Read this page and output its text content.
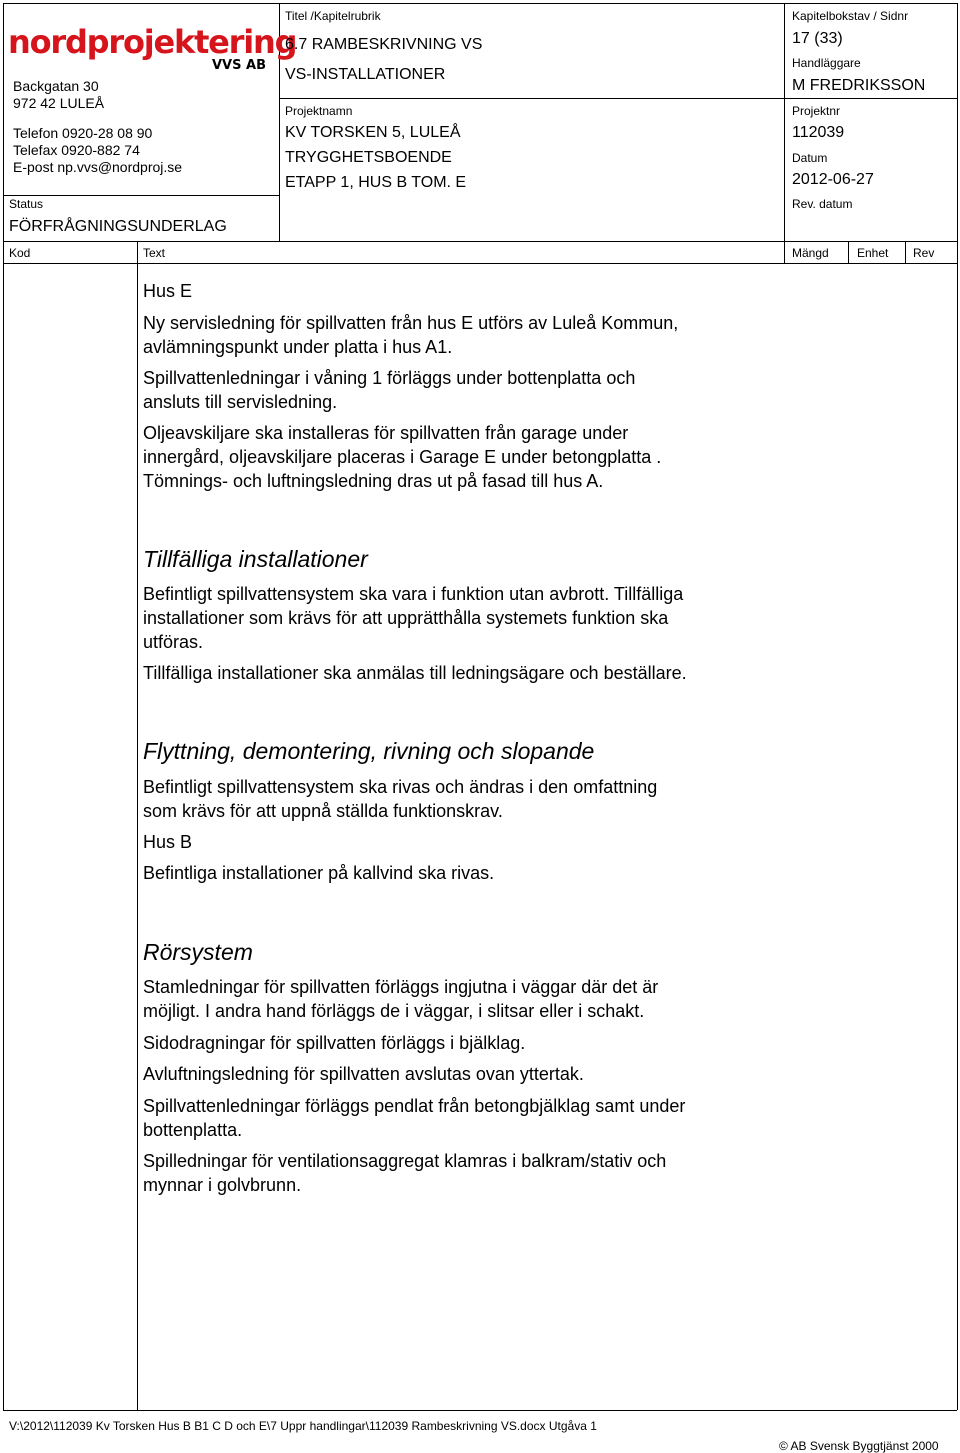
nordprojektering
VVS AB
Backgatan 30
972 42 LULEÅ
Telefon 0920-28 08 90
Telefax 0920-882 74
E-post np.vvs@nordproj.se
Status
FÖRFRÅGNINGSUNDERLAG
Titel /Kapitelrubrik
6.7 RAMBESKRIVNING VS
VS-INSTALLATIONER
Projektnamn
KV TORSKEN 5, LULEÅ
TRYGGHETSBOENDE
ETAPP 1, HUS B TOM. E
Kapitelbokstav / Sidnr
17 (33)
Handläggare
M FREDRIKSSON
Projektnr
112039
Datum
2012-06-27
Rev. datum
Kod	Text	Mängd Enhet Rev
Hus E
Ny servisledning för spillvatten från hus E utförs av Luleå Kommun,
avlämningspunkt under platta i hus A1.
Spillvattenledningar i våning 1 förläggs under bottenplatta och
ansluts till servisledning.
Oljeavskiljare ska installeras för spillvatten från garage under
innergård, oljeavskiljare placeras i Garage E under betongplatta .
Tömnings- och luftningsledning dras ut på fasad till hus A.
Tillfälliga installationer
Befintligt spillvattensystem ska vara i funktion utan avbrott. Tillfälliga
installationer som krävs för att upprätthålla systemets funktion ska
utföras.
Tillfälliga installationer ska anmälas till ledningsägare och beställare.
Flyttning, demontering, rivning och slopande
Befintligt spillvattensystem ska rivas och ändras i den omfattning
som krävs för att uppnå ställda funktionskrav.
Hus B
Befintliga installationer på kallvind ska rivas.
Rörsystem
Stamledningar för spillvatten förläggs ingjutna i väggar där det är
möjligt. I andra hand förläggs de i väggar, i slitsar eller i schakt.
Sidodragningar för spillvatten förläggs i bjälklag.
Avluftningsledning för spillvatten avslutas ovan yttertak.
Spillvattenledningar förläggs pendlat från betongbjälklag samt under
bottenplatta.
Spilledningar för ventilationsaggregat klamras i balkram/stativ och
mynnar i golvbrunn.
V:\2012\112039 Kv Torsken Hus B B1 C D och E\7 Uppr handlingar\112039 Rambeskrivning VS.docx Utgåva 1
© AB Svensk Byggtjänst 2000
